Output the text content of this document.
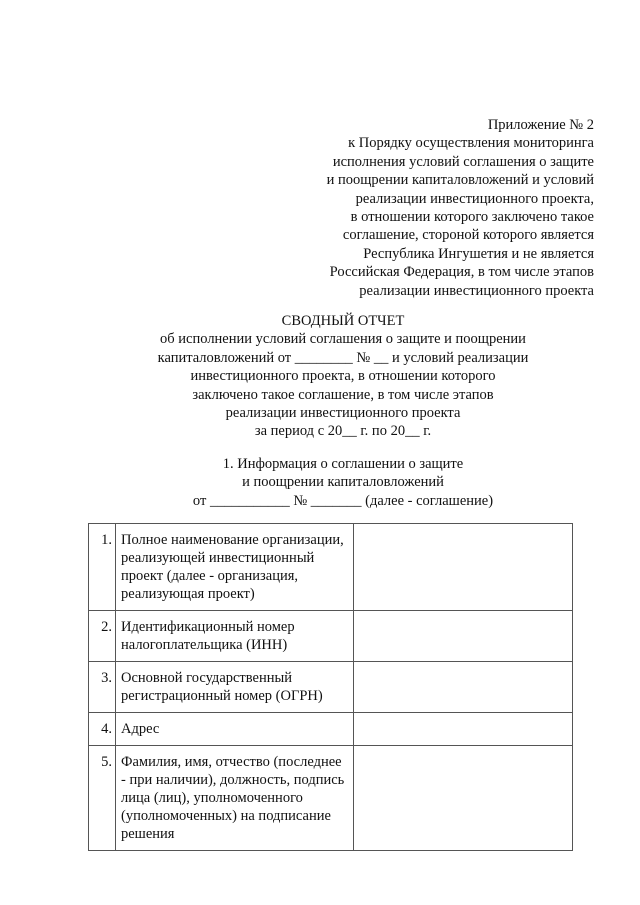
Приложение № 2
к Порядку осуществления мониторинга
исполнения условий соглашения о защите
и поощрении капиталовложений и условий
реализации инвестиционного проекта,
в отношении которого заключено такое
соглашение, стороной которого является
Республика Ингушетия и не является
Российская Федерация, в том числе этапов
реализации инвестиционного проекта
СВОДНЫЙ ОТЧЕТ
об исполнении условий соглашения о защите и поощрении
капиталовложений от ________ № __ и условий реализации
инвестиционного проекта, в отношении которого
заключено такое соглашение, в том числе этапов
реализации инвестиционного проекта
за период с 20__ г. по 20__ г.
1. Информация о соглашении о защите
и поощрении капиталовложений
от ___________ № _______ (далее - соглашение)
1.	Полное наименование организации, реализующей инвестиционный проект (далее - организация, реализующая проект)	
2.	Идентификационный номер налогоплательщика (ИНН)	
3.	Основной государственный регистрационный номер (ОГРН)	
4.	Адрес	
5.	Фамилия, имя, отчество (последнее - при наличии), должность, подпись лица (лиц), уполномоченного (уполномоченных) на подписание решения	
